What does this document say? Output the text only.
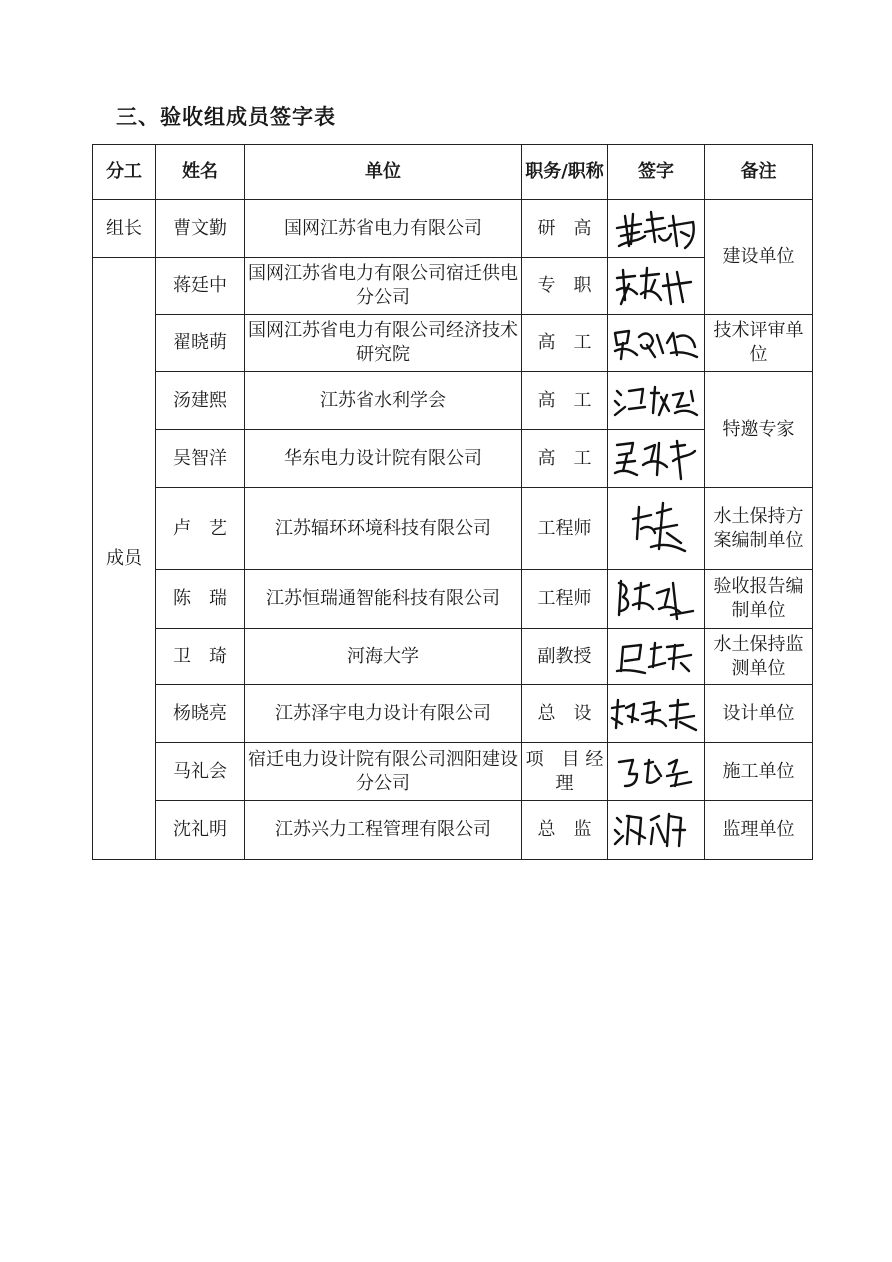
三、验收组成员签字表
分工	姓名	单位	职务/职称	签字	备注
组长	曹文勤	国网江苏省电力有限公司	研　高		建设单位
成员	蒋廷中	国网江苏省电力有限公司宿迁供电分公司	专　职	

	翟晓萌	国网江苏省电力有限公司经济技术研究院	高　工		技术评审单位
	汤建熙	江苏省水利学会	高　工		特邀专家
	吴智洋	华东电力设计院有限公司	高　工	

	卢　艺	江苏辐环环境科技有限公司	工程师		水土保持方案编制单位
	陈　瑞	江苏恒瑞通智能科技有限公司	工程师		验收报告编制单位
	卫　琦	河海大学	副教授		水土保持监测单位
	杨晓亮	江苏泽宇电力设计有限公司	总　设		设计单位
	马礼会	宿迁电力设计院有限公司泗阳建设分公司	项　目 经　理		施工单位
	沈礼明	江苏兴力工程管理有限公司	总　监		监理单位
